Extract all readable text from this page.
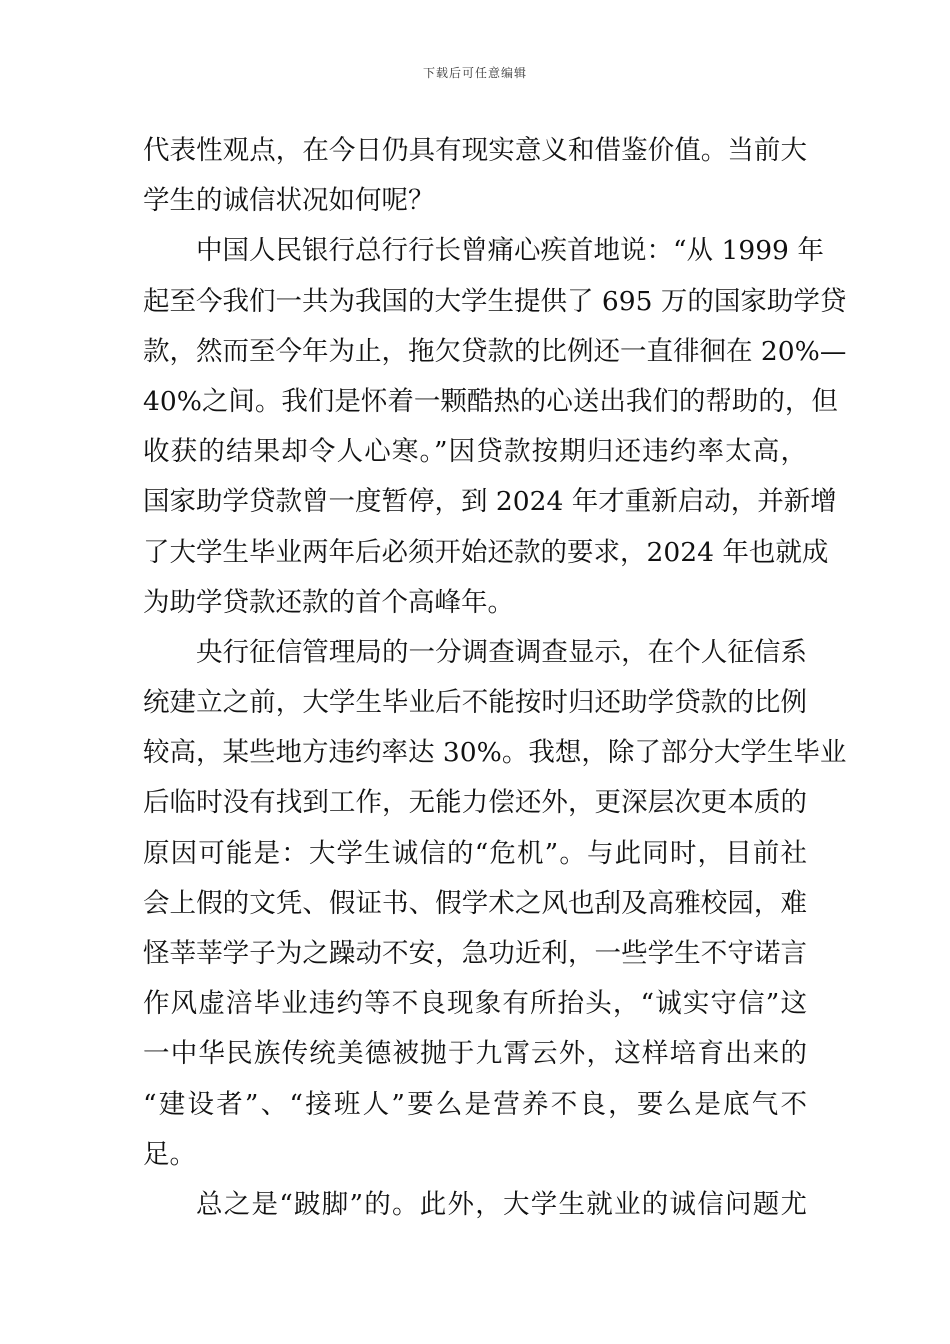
下载后可任意编辑
代表性观点，在今日仍具有现实意义和借鉴价值。当前大
学生的诚信状况如何呢？
中国人民银行总行行长曾痛心疾首地说：“从 1999 年
起至今我们一共为我国的大学生提供了 695 万的国家助学贷
款，然而至今年为止，拖欠贷款的比例还一直徘徊在 20%—
40%之间。我们是怀着一颗酷热的心送出我们的帮助的，但
收获的结果却令人心寒。”因贷款按期归还违约率太高，
国家助学贷款曾一度暂停，到 2024 年才重新启动，并新增
了大学生毕业两年后必须开始还款的要求，2024 年也就成
为助学贷款还款的首个高峰年。
央行征信管理局的一分调查调查显示，在个人征信系
统建立之前，大学生毕业后不能按时归还助学贷款的比例
较高，某些地方违约率达 30%。我想，除了部分大学生毕业
后临时没有找到工作，无能力偿还外，更深层次更本质的
原因可能是：大学生诚信的“危机”。与此同时，目前社
会上假的文凭、假证书、假学术之风也刮及高雅校园，难
怪莘莘学子为之躁动不安，急功近利，一些学生不守诺言
作风虚涪毕业违约等不良现象有所抬头，“诚实守信”这
一中华民族传统美德被抛于九霄云外，这样培育出来的
“建设者”、“接班人”要么是营养不良，要么是底气不
足。
总之是“跛脚”的。此外，大学生就业的诚信问题尤
